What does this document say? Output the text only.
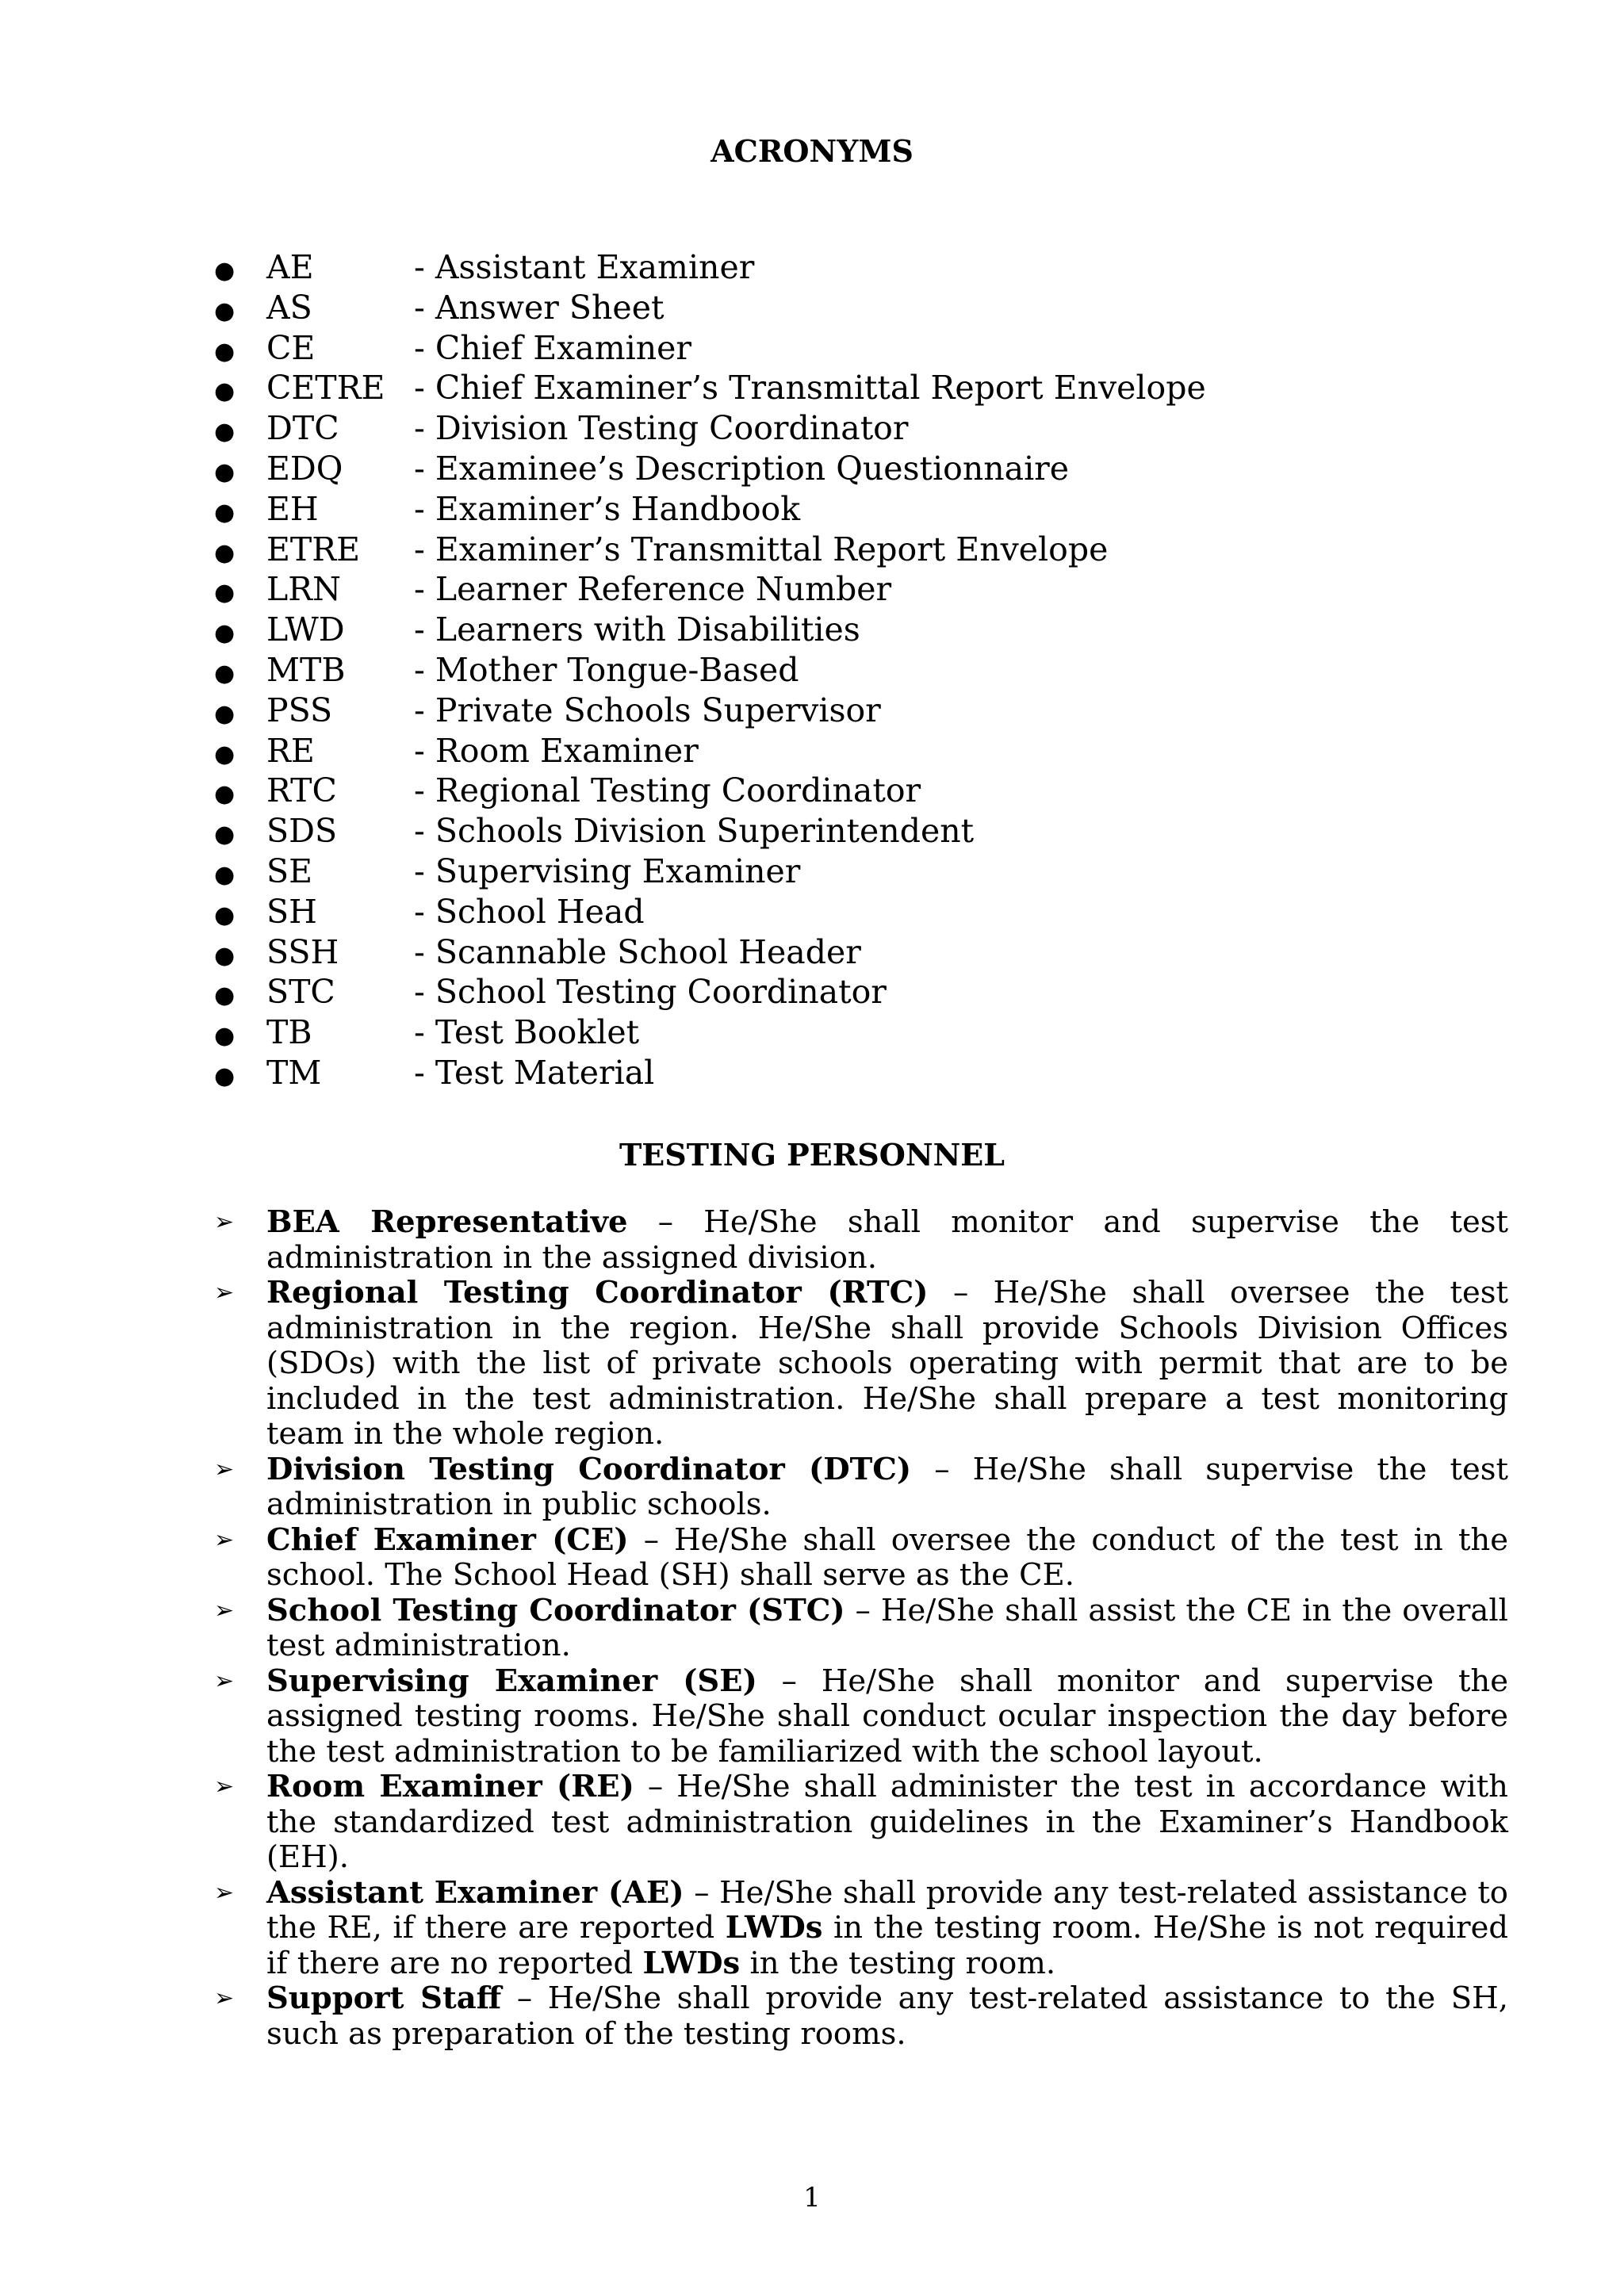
ACRONYMS
● AE	- Assistant Examiner
● AS	- Answer Sheet
● CE	- Chief Examiner
● CETRE - Chief Examiner’s Transmittal Report Envelope
● DTC	- Division Testing Coordinator
● EDQ	- Examinee’s Description Questionnaire
● EH	- Examiner’s Handbook
● ETRE	- Examiner’s Transmittal Report Envelope
● LRN	- Learner Reference Number
● LWD	- Learners with Disabilities
● MTB	- Mother Tongue-Based
● PSS	- Private Schools Supervisor
● RE	- Room Examiner
● RTC	- Regional Testing Coordinator
● SDS	- Schools Division Superintendent
● SE	- Supervising Examiner
● SH	- School Head
● SSH	- Scannable School Header
● STC	- School Testing Coordinator
● TB	- Test Booklet
● TM	- Test Material
TESTING PERSONNEL
➢	BEA Representative – He/She shall monitor and supervise the test administration in the assigned division.
➢	Regional Testing Coordinator (RTC) – He/She shall oversee the test administration in the region. He/She shall provide Schools Division Offices (SDOs) with the list of private schools operating with permit that are to be included in the test administration. He/She shall prepare a test monitoring team in the whole region.
➢	Division Testing Coordinator (DTC) – He/She shall supervise the test administration in public schools.
➢	Chief Examiner (CE) – He/She shall oversee the conduct of the test in the school. The School Head (SH) shall serve as the CE.
➢	School Testing Coordinator (STC) – He/She shall assist the CE in the overall test administration.
➢	Supervising Examiner (SE) – He/She shall monitor and supervise the assigned testing rooms. He/She shall conduct ocular inspection the day before the test administration to be familiarized with the school layout.
➢	Room Examiner (RE) – He/She shall administer the test in accordance with the standardized test administration guidelines in the Examiner’s Handbook (EH).
➢	Assistant Examiner (AE) – He/She shall provide any test-related assistance to the RE, if there are reported LWDs in the testing room. He/She is not required if there are no reported LWDs in the testing room.
➢	Support Staff – He/She shall provide any test-related assistance to the SH, such as preparation of the testing rooms.
1
